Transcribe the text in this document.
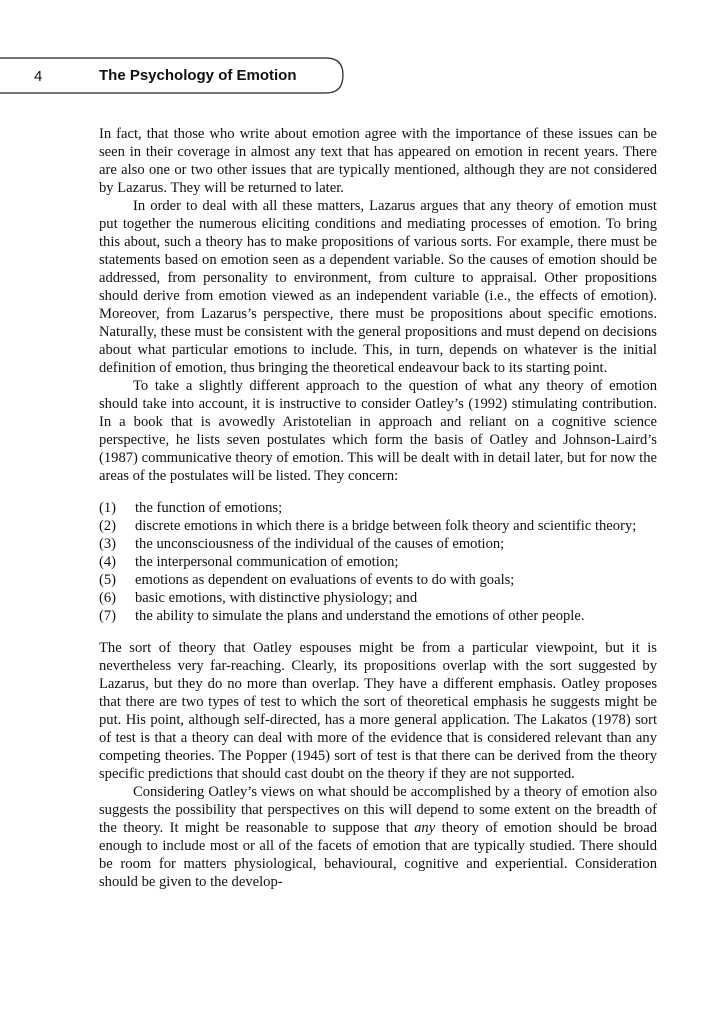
4	The Psychology of Emotion

In fact, that those who write about emotion agree with the importance of these issues can be seen in their coverage in almost any text that has appeared on emotion in recent years. There are also one or two other issues that are typically mentioned, although they are not considered by Lazarus. They will be returned to later.

In order to deal with all these matters, Lazarus argues that any theory of emotion must put together the numerous eliciting conditions and mediating processes of emotion. To bring this about, such a theory has to make propositions of various sorts. For example, there must be statements based on emotion seen as a dependent variable. So the causes of emotion should be addressed, from personality to environment, from culture to appraisal. Other propositions should derive from emotion viewed as an independent variable (i.e., the effects of emotion). Moreover, from Lazarus’s perspective, there must be propositions about specific emotions. Naturally, these must be consistent with the general propositions and must depend on decisions about what particular emotions to include. This, in turn, depends on whatever is the initial definition of emotion, thus bringing the theoretical endeavour back to its starting point.

To take a slightly different approach to the question of what any theory of emotion should take into account, it is instructive to consider Oatley’s (1992) stimulating contribution. In a book that is avowedly Aristotelian in approach and reliant on a cognitive science perspective, he lists seven postulates which form the basis of Oatley and Johnson-Laird’s (1987) communicative theory of emotion. This will be dealt with in detail later, but for now the areas of the postulates will be listed. They concern:

(1) the function of emotions;
(2) discrete emotions in which there is a bridge between folk theory and scientific theory;
(3) the unconsciousness of the individual of the causes of emotion;
(4) the interpersonal communication of emotion;
(5) emotions as dependent on evaluations of events to do with goals;
(6) basic emotions, with distinctive physiology; and
(7) the ability to simulate the plans and understand the emotions of other people.

The sort of theory that Oatley espouses might be from a particular viewpoint, but it is nevertheless very far-reaching. Clearly, its propositions overlap with the sort suggested by Lazarus, but they do no more than overlap. They have a different emphasis. Oatley proposes that there are two types of test to which the sort of theoretical emphasis he suggests might be put. His point, although self-directed, has a more general application. The Lakatos (1978) sort of test is that a theory can deal with more of the evidence that is considered relevant than any competing theories. The Popper (1945) sort of test is that there can be derived from the theory specific predictions that should cast doubt on the theory if they are not supported.

Considering Oatley’s views on what should be accomplished by a theory of emotion also suggests the possibility that perspectives on this will depend to some extent on the breadth of the theory. It might be reasonable to suppose that any theory of emotion should be broad enough to include most or all of the facets of emotion that are typically studied. There should be room for matters physiological, behavioural, cognitive and experiential. Consideration should be given to the develop-
